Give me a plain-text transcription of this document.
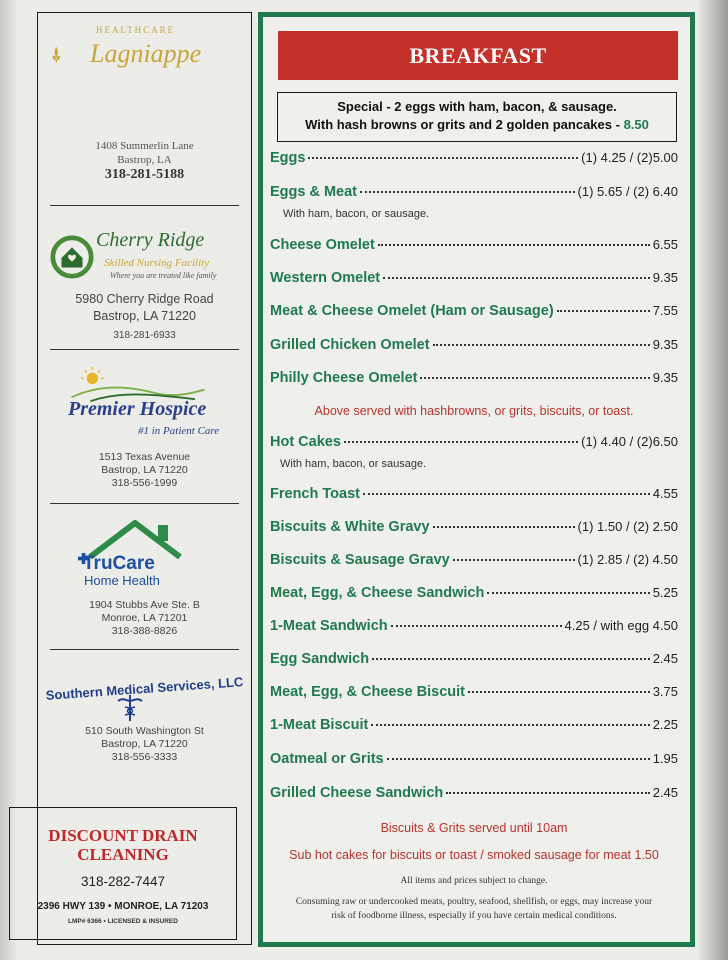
HEALTHCARE
Lagniappe
1408 Summerlin Lane
Bastrop, LA
318-281-5188
Cherry Ridge
Skilled Nursing Facility
Where you are treated like family
5980 Cherry Ridge Road
Bastrop, LA 71220
318-281-6933
Premier Hospice
#1 in Patient Care
1513 Texas Avenue
Bastrop, LA 71220
318-556-1999
TruCare
Home Health
1904 Stubbs Ave Ste. B
Monroe, LA 71201
318-388-8826
Southern Medical Services, LLC
510 South Washington St
Bastrop, LA 71220
318-556-3333
DISCOUNT DRAIN
CLEANING
318-282-7447
2396 HWY 139 • MONROE, LA 71203
LMP# 6366 • LICENSED & INSURED
BREAKFAST
Special - 2 eggs with ham, bacon, & sausage.
With hash browns or grits and 2 golden pancakes - 8.50
Eggs	(1) 4.25 / (2)5.00
Eggs & Meat	(1) 5.65 / (2) 6.40
Cheese Omelet	6.55
Western Omelet	9.35
Meat & Cheese Omelet (Ham or Sausage)	7.55
Grilled Chicken Omelet	9.35
Philly Cheese Omelet	9.35
Hot Cakes	(1) 4.40 / (2)6.50
French Toast	4.55
Biscuits & White Gravy	(1) 1.50 / (2) 2.50
Biscuits & Sausage Gravy	(1) 2.85 / (2) 4.50
Meat, Egg, & Cheese Sandwich	5.25
1-Meat Sandwich	4.25 / with egg 4.50
Egg Sandwich	2.45
Meat, Egg, & Cheese Biscuit	3.75
1-Meat Biscuit	2.25
Oatmeal or Grits	1.95
Grilled Cheese Sandwich	2.45
With ham, bacon, or sausage.
Above served with hashbrowns, or grits, biscuits, or toast.
With ham, bacon, or sausage.
Biscuits & Grits served until 10am
Sub hot cakes for biscuits or toast / smoked sausage for meat 1.50
All items and prices subject to change.
Consuming raw or undercooked meats, poultry, seafood, shellfish, or eggs, may increase your
risk of foodborne illness, especially if you have certain medical conditions.
